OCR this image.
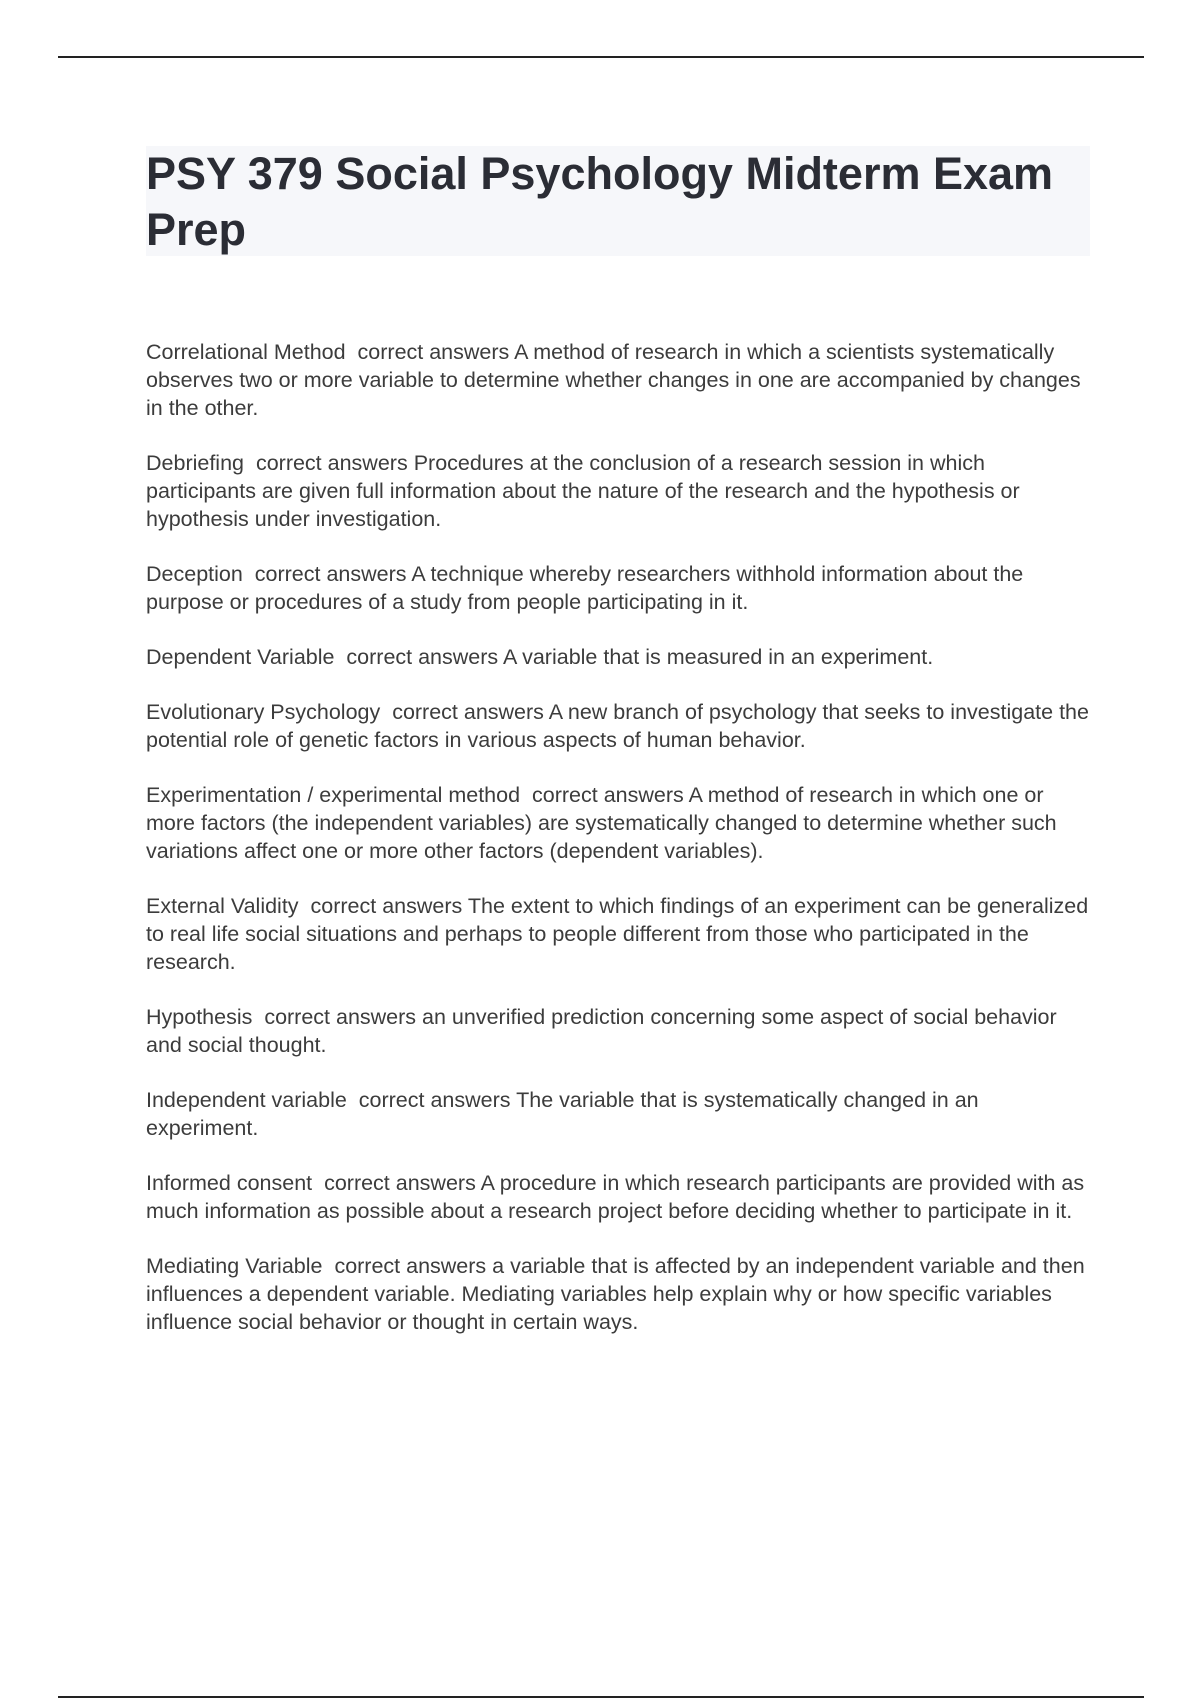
PSY 379 Social Psychology Midterm Exam Prep

Correlational Method correct answers A method of research in which a scientists systematically observes two or more variable to determine whether changes in one are accompanied by changes in the other.

Debriefing correct answers Procedures at the conclusion of a research session in which participants are given full information about the nature of the research and the hypothesis or hypothesis under investigation.

Deception correct answers A technique whereby researchers withhold information about the purpose or procedures of a study from people participating in it.

Dependent Variable correct answers A variable that is measured in an experiment.

Evolutionary Psychology correct answers A new branch of psychology that seeks to investigate the potential role of genetic factors in various aspects of human behavior.

Experimentation / experimental method correct answers A method of research in which one or more factors (the independent variables) are systematically changed to determine whether such variations affect one or more other factors (dependent variables).

External Validity correct answers The extent to which findings of an experiment can be generalized to real life social situations and perhaps to people different from those who participated in the research.

Hypothesis correct answers an unverified prediction concerning some aspect of social behavior and social thought.

Independent variable correct answers The variable that is systematically changed in an experiment.

Informed consent correct answers A procedure in which research participants are provided with as much information as possible about a research project before deciding whether to participate in it.

Mediating Variable correct answers a variable that is affected by an independent variable and then influences a dependent variable. Mediating variables help explain why or how specific variables influence social behavior or thought in certain ways.
